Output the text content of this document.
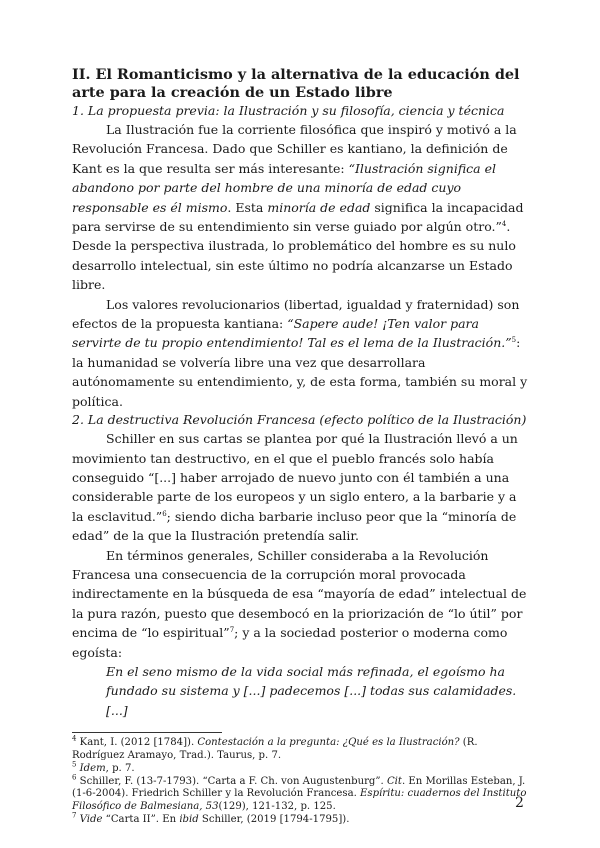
II. El Romanticismo y la alternativa de la educación del arte para la creación de un Estado libre

1. La propuesta previa: la Ilustración y su filosofía, ciencia y técnica

La Ilustración fue la corriente filosófica que inspiró y motivó a la Revolución Francesa. Dado que Schiller es kantiano, la definición de Kant es la que resulta ser más interesante: “Ilustración significa el abandono por parte del hombre de una minoría de edad cuyo responsable es él mismo. Esta minoría de edad significa la incapacidad para servirse de su entendimiento sin verse guiado por algún otro.”$^4$. Desde la perspectiva ilustrada, lo problemático del hombre es su nulo desarrollo intelectual, sin este último no podría alcanzarse un Estado libre.

Los valores revolucionarios (libertad, igualdad y fraternidad) son efectos de la propuesta kantiana: “Sapere aude! ¡Ten valor para servirte de tu propio entendimiento! Tal es el lema de la Ilustración.”$^5$: la humanidad se volvería libre una vez que desarrollara autónomamente su entendimiento, y, de esta forma, también su moral y política.

2. La destructiva Revolución Francesa (efecto político de la Ilustración)

Schiller en sus cartas se plantea por qué la Ilustración llevó a un movimiento tan destructivo, en el que el pueblo francés solo había conseguido “[...] haber arrojado de nuevo junto con él también a una considerable parte de los europeos y un siglo entero, a la barbarie y a la esclavitud.”$^6$; siendo dicha barbarie incluso peor que la “minoría de edad” de la que la Ilustración pretendía salir.

En términos generales, Schiller consideraba a la Revolución Francesa una consecuencia de la corrupción moral provocada indirectamente en la búsqueda de esa “mayoría de edad” intelectual de la pura razón, puesto que desembocó en la priorización de “lo útil” por encima de “lo espiritual”$^7$; y a la sociedad posterior o moderna como egoísta:

En el seno mismo de la vida social más refinada, el egoísmo ha fundado su sistema y [...] padecemos [...] todas sus calamidades. [...]

$^4$ Kant, I. (2012 [1784]). Contestación a la pregunta: ¿Qué es la Ilustración? (R. Rodríguez Aramayo, Trad.). Taurus, p. 7.

$^5$ Idem, p. 7.

$^6$ Schiller, F. (13-7-1793). “Carta a F. Ch. von Augustenburg”. Cit. En Morillas Esteban, J. (1-6-2004). Friedrich Schiller y la Revolución Francesa. Espíritu: cuadernos del Instituto Filosófico de Balmesiana, 53(129), 121-132, p. 125.

$^7$ Vide “Carta II”. En ibid Schiller, (2019 [1794-1795]).

2
